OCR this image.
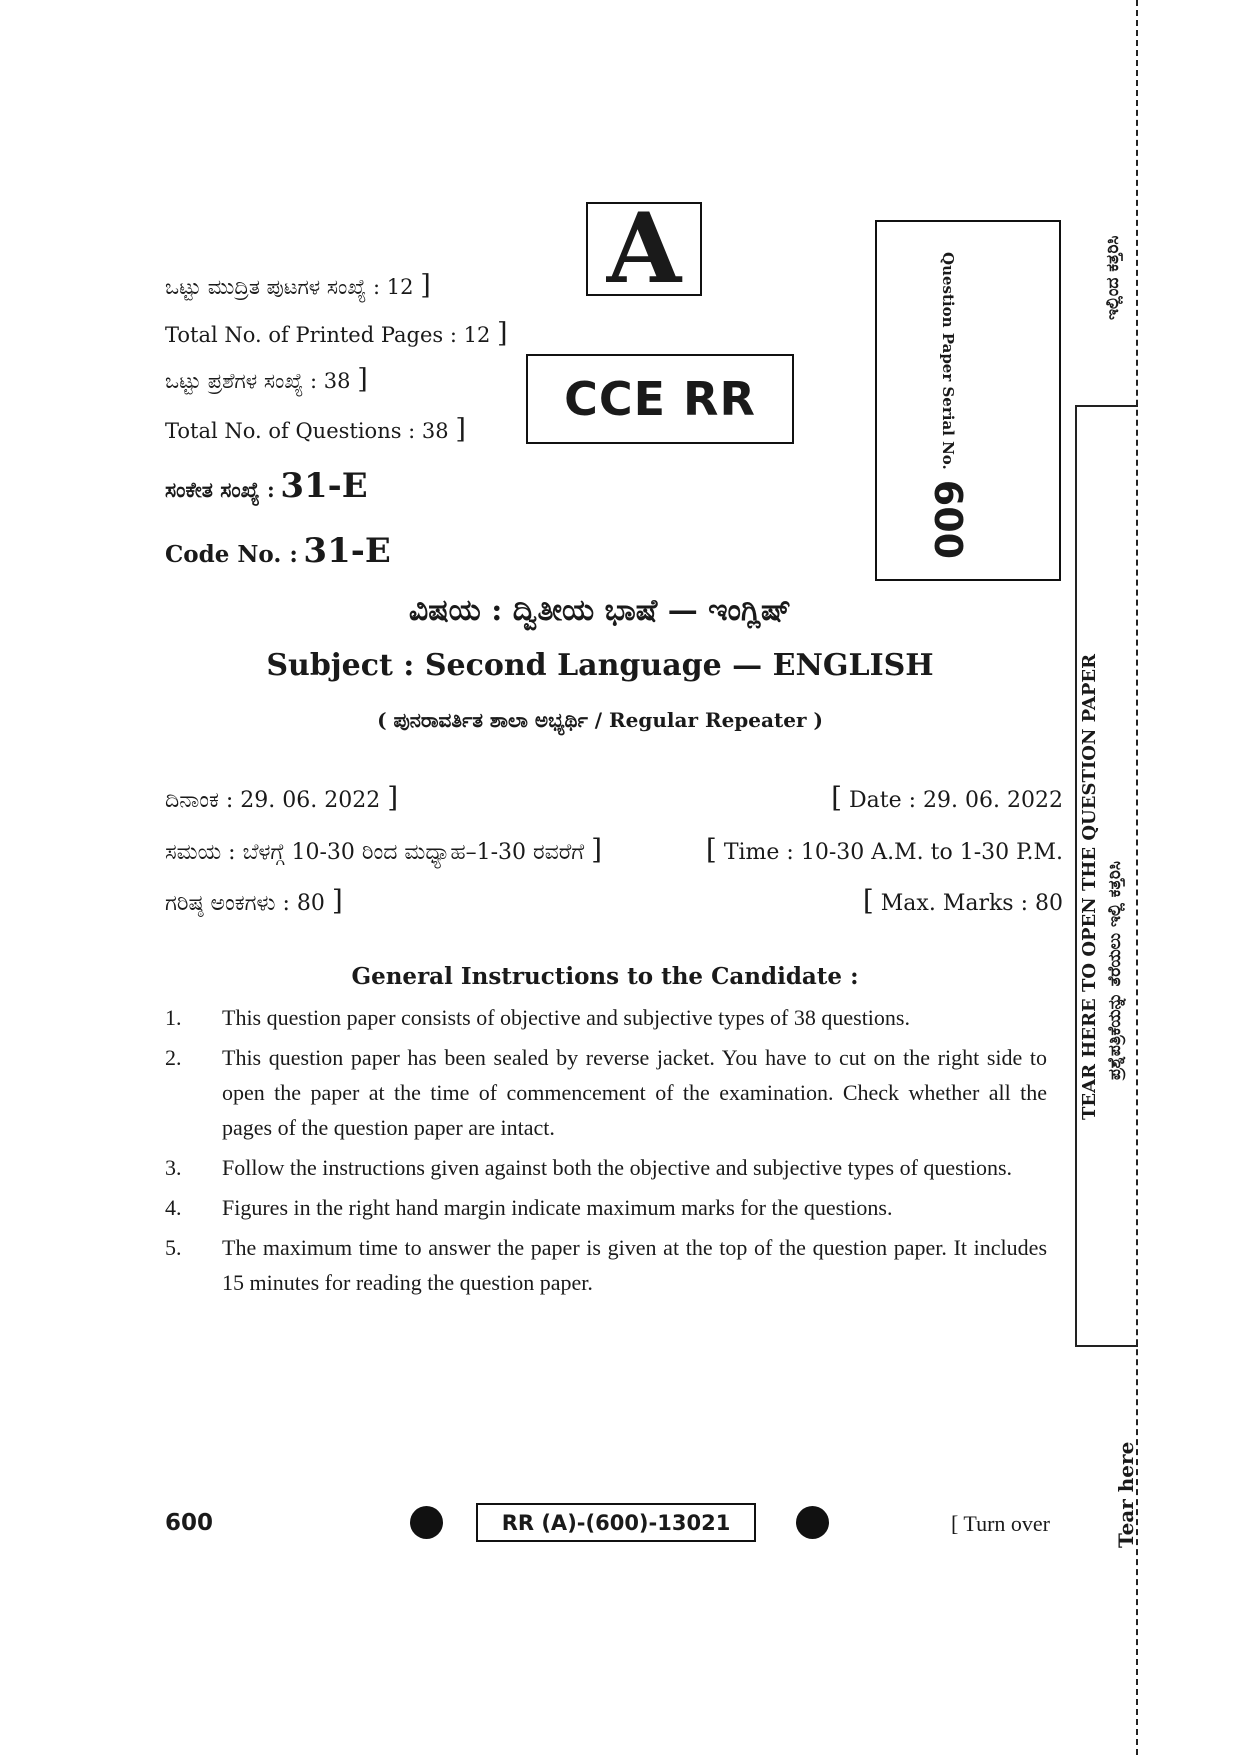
A
CCE RR	Question Paper Serial No.
600
ಒಟ್ಟು ಮುದ್ರಿತ ಪುಟಗಳ ಸಂಖ್ಯೆ : 12 ]
Total No. of Printed Pages : 12 ]
ಒಟ್ಟು ಪ್ರಶೆಗಳ ಸಂಖ್ಯೆ : 38 ]
Total No. of Questions : 38 ]
ಸಂಕೇತ ಸಂಖ್ಯೆ : 31-E
Code No. : 31-E
ವಿಷಯ : ದ್ವಿತೀಯ ಭಾಷೆ — ಇಂಗ್ಲಿಷ್
Subject : Second Language — ENGLISH
( ಪುನರಾವರ್ತಿತ ಶಾಲಾ ಅಭ್ಯರ್ಥಿ / Regular Repeater )
ದಿನಾಂಕ : 29. 06. 2022 ]	[ Date : 29. 06. 2022
ಸಮಯ : ಬೆಳಗ್ಗೆ 10-30 ರಿಂದ ಮಧ್ಯಾಹ–1-30 ರವರೆಗೆ ]	[ Time : 10-30 A.M. to 1-30 P.M.
ಗರಿಷ್ಠ ಅಂಕಗಳು : 80 ]	[ Max. Marks : 80
General Instructions to the Candidate :
1.	This question paper consists of objective and subjective types of 38 questions.
2.	This question paper has been sealed by reverse jacket. You have to cut on the right side to open the paper at the time of commencement of the examination. Check whether all the pages of the question paper are intact.
3.	Follow the instructions given against both the objective and subjective types of questions.
4.	Figures in the right hand margin indicate maximum marks for the questions.
5.	The maximum time to answer the paper is given at the top of the question paper. It includes 15 minutes for reading the question paper.
600	RR (A)-(600)-13021	[ Turn over
ಇಲ್ಲಿಂದ ಕತ್ತರಿಸಿ
TEAR HERE TO OPEN THE QUESTION PAPER ಪ್ರಶ್ನೆಪತ್ರಿಕೆಯನ್ನು ತೆರೆಯಲು ಇಲ್ಲಿ ಕತ್ತರಿಸಿ
Tear here
